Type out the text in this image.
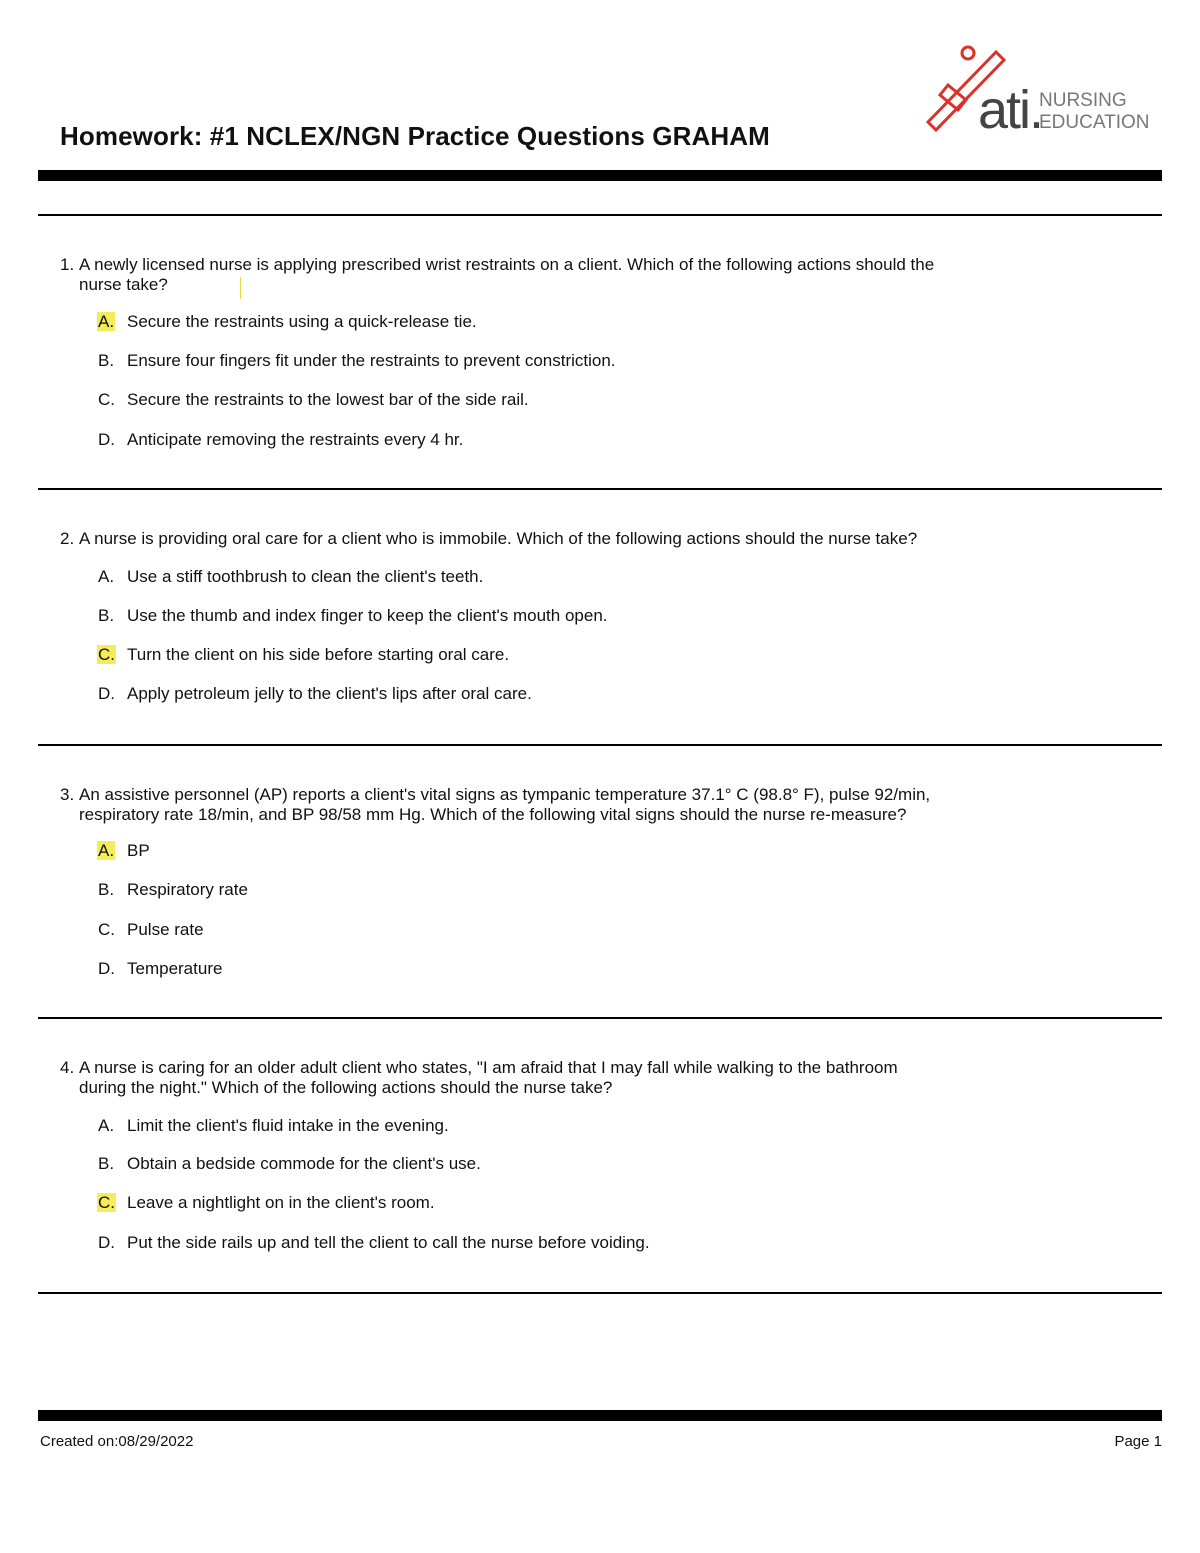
ati.
NURSING
EDUCATION
Homework: #1 NCLEX/NGN Practice Questions GRAHAM
1. A newly licensed nurse is applying prescribed wrist restraints on a client. Which of the following actions should the
nurse take?
A. Secure the restraints using a quick-release tie.
B. Ensure four fingers fit under the restraints to prevent constriction.
C. Secure the restraints to the lowest bar of the side rail.
D. Anticipate removing the restraints every 4 hr.
2. A nurse is providing oral care for a client who is immobile. Which of the following actions should the nurse take?
A. Use a stiff toothbrush to clean the client's teeth.
B. Use the thumb and index finger to keep the client's mouth open.
C. Turn the client on his side before starting oral care.
D. Apply petroleum jelly to the client's lips after oral care.
3. An assistive personnel (AP) reports a client's vital signs as tympanic temperature 37.1° C (98.8° F), pulse 92/min,
respiratory rate 18/min, and BP 98/58 mm Hg. Which of the following vital signs should the nurse re-measure?
A. BP
B. Respiratory rate
C. Pulse rate
D. Temperature
4. A nurse is caring for an older adult client who states, "I am afraid that I may fall while walking to the bathroom
during the night." Which of the following actions should the nurse take?
A. Limit the client's fluid intake in the evening.
B. Obtain a bedside commode for the client's use.
C. Leave a nightlight on in the client's room.
D. Put the side rails up and tell the client to call the nurse before voiding.
Created on:08/29/2022	Page 1
